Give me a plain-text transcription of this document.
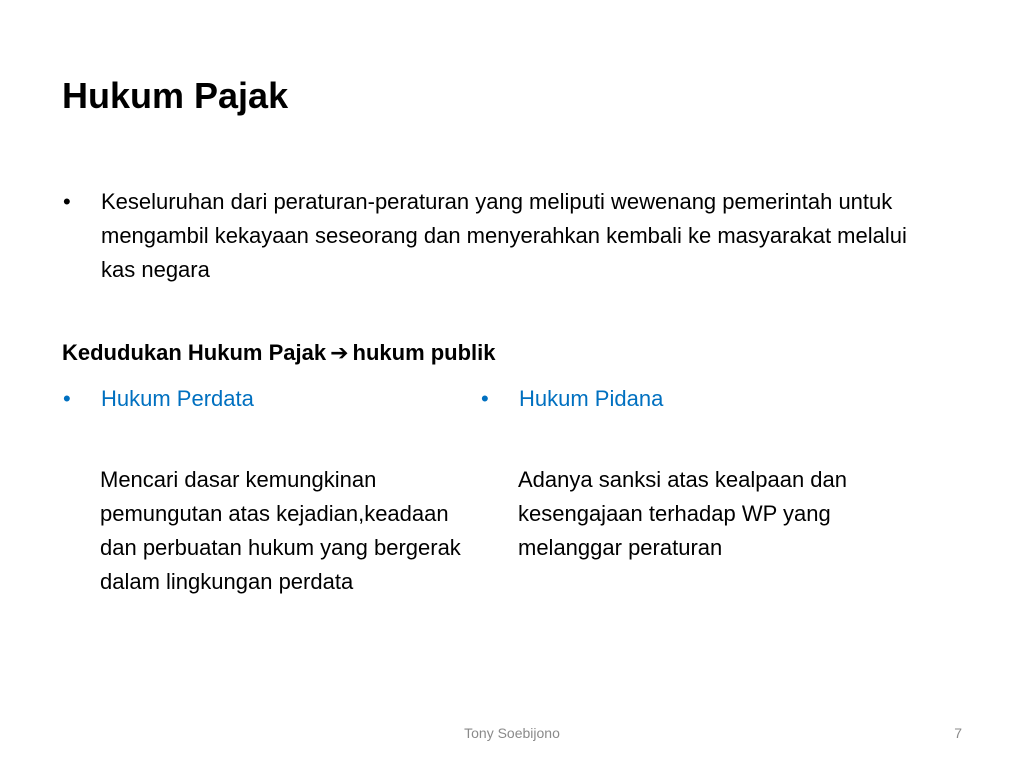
Hukum Pajak
•	Keseluruhan dari peraturan-peraturan yang meliputi wewenang pemerintah untuk mengambil kekayaan seseorang dan menyerahkan kembali ke masyarakat melalui kas negara
Kedudukan Hukum Pajak ➔ hukum publik
•	Hukum Perdata	•	Hukum Pidana
Mencari dasar kemungkinan pemungutan atas kejadian,keadaan dan perbuatan hukum yang bergerak dalam lingkungan perdata
Adanya sanksi atas kealpaan dan kesengajaan terhadap WP yang melanggar peraturan
Tony Soebijono	7
